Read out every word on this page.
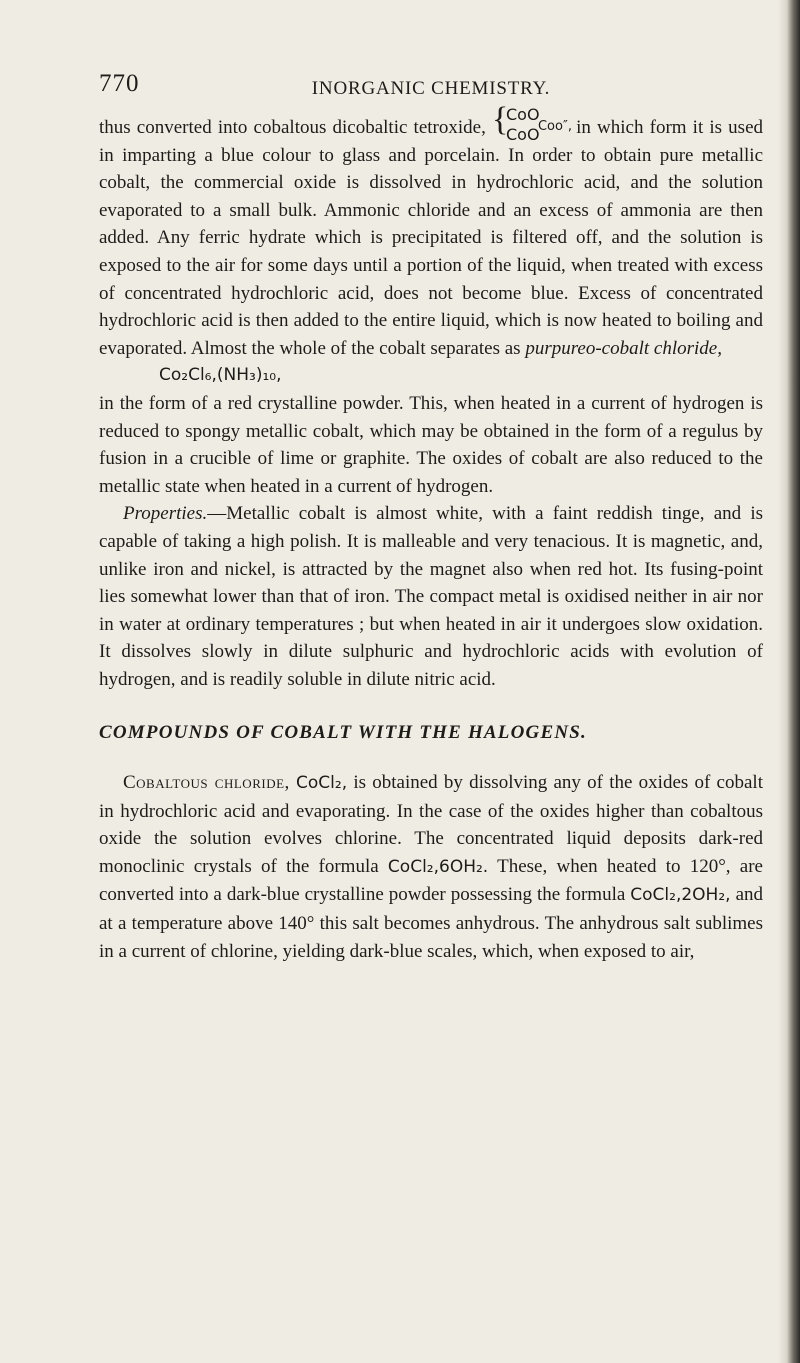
770	INORGANIC CHEMISTRY.

thus converted into cobaltous dicobaltic tetroxide, {
CoO
CoO
Coo″, in which form it is used in imparting a blue colour to glass and porcelain. In order to obtain pure metallic cobalt, the commercial oxide is dissolved in hydrochloric acid, and the solution evaporated to a small bulk. Ammonic chloride and an excess of ammonia are then added. Any ferric hydrate which is precipitated is filtered off, and the solution is exposed to the air for some days until a portion of the liquid, when treated with excess of concentrated hydrochloric acid, does not become blue. Excess of concentrated hydrochloric acid is then added to the entire liquid, which is now heated to boiling and evaporated. Almost the whole of the cobalt separates as purpureo-cobalt chloride,

Co₂Cl₆,(NH₃)₁₀,

in the form of a red crystalline powder. This, when heated in a current of hydrogen is reduced to spongy metallic cobalt, which may be obtained in the form of a regulus by fusion in a crucible of lime or graphite. The oxides of cobalt are also reduced to the metallic state when heated in a current of hydrogen.

Properties.—Metallic cobalt is almost white, with a faint reddish tinge, and is capable of taking a high polish. It is malleable and very tenacious. It is magnetic, and, unlike iron and nickel, is attracted by the magnet also when red hot. Its fusing-point lies somewhat lower than that of iron. The compact metal is oxidised neither in air nor in water at ordinary temperatures ; but when heated in air it undergoes slow oxidation. It dissolves slowly in dilute sulphuric and hydrochloric acids with evolution of hydrogen, and is readily soluble in dilute nitric acid.

COMPOUNDS OF COBALT WITH THE HALOGENS.

Cobaltous chloride, CoCl₂, is obtained by dissolving any of the oxides of cobalt in hydrochloric acid and evaporating. In the case of the oxides higher than cobaltous oxide the solution evolves chlorine. The concentrated liquid deposits dark-red monoclinic crystals of the formula CoCl₂,6OH₂. These, when heated to 120°, are converted into a dark-blue crystalline powder possessing the formula CoCl₂,2OH₂, and at a temperature above 140° this salt becomes anhydrous. The anhydrous salt sublimes in a current of chlorine, yielding dark-blue scales, which, when exposed to air,
